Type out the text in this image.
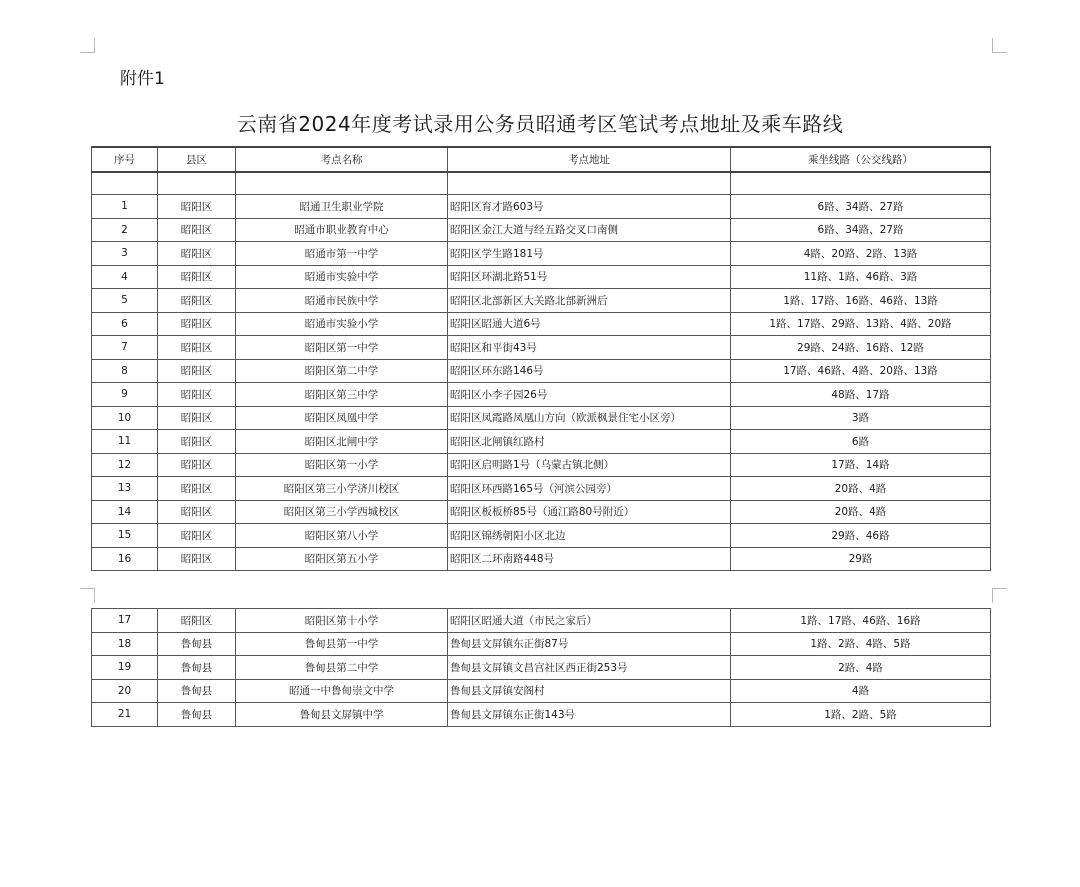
附件1
云南省2024年度考试录用公务员昭通考区笔试考点地址及乘车路线
序号	县区	考点名称	考点地址	乘坐线路（公交线路）

1	昭阳区	昭通卫生职业学院	昭阳区育才路603号	6路、34路、27路
2	昭阳区	昭通市职业教育中心	昭阳区金江大道与经五路交叉口南侧	6路、34路、27路
3	昭阳区	昭通市第一中学	昭阳区学生路181号	4路、20路、2路、13路
4	昭阳区	昭通市实验中学	昭阳区环湖北路51号	11路、1路、46路、3路
5	昭阳区	昭通市民族中学	昭阳区北部新区大关路北部新洲后	1路、17路、16路、46路、13路
6	昭阳区	昭通市实验小学	昭阳区昭通大道6号	1路、17路、29路、13路、4路、20路
7	昭阳区	昭阳区第一中学	昭阳区和平街43号	29路、24路、16路、12路
8	昭阳区	昭阳区第二中学	昭阳区环东路146号	17路、46路、4路、20路、13路
9	昭阳区	昭阳区第三中学	昭阳区小李子园26号	48路、17路
10	昭阳区	昭阳区凤凰中学	昭阳区凤霞路凤凰山方向（欧派枫景住宅小区旁）	3路
11	昭阳区	昭阳区北闸中学	昭阳区北闸镇红路村	6路
12	昭阳区	昭阳区第一小学	昭阳区启明路1号（乌蒙古镇北侧）	17路、14路
13	昭阳区	昭阳区第三小学济川校区	昭阳区环西路165号（河滨公园旁）	20路、4路
14	昭阳区	昭阳区第三小学西城校区	昭阳区板板桥85号（通江路80号附近）	20路、4路
15	昭阳区	昭阳区第八小学	昭阳区锦绣朝阳小区北边	29路、46路
16	昭阳区	昭阳区第五小学	昭阳区二环南路448号	29路
17	昭阳区	昭阳区第十小学	昭阳区昭通大道（市民之家后）	1路、17路、46路、16路
18	鲁甸县	鲁甸县第一中学	鲁甸县文屏镇东正街87号	1路、2路、4路、5路
19	鲁甸县	鲁甸县第二中学	鲁甸县文屏镇文昌宫社区西正街253号	2路、4路
20	鲁甸县	昭通一中鲁甸崇文中学	鲁甸县文屏镇安阁村	4路
21	鲁甸县	鲁甸县文屏镇中学	鲁甸县文屏镇东正街143号	1路、2路、5路
